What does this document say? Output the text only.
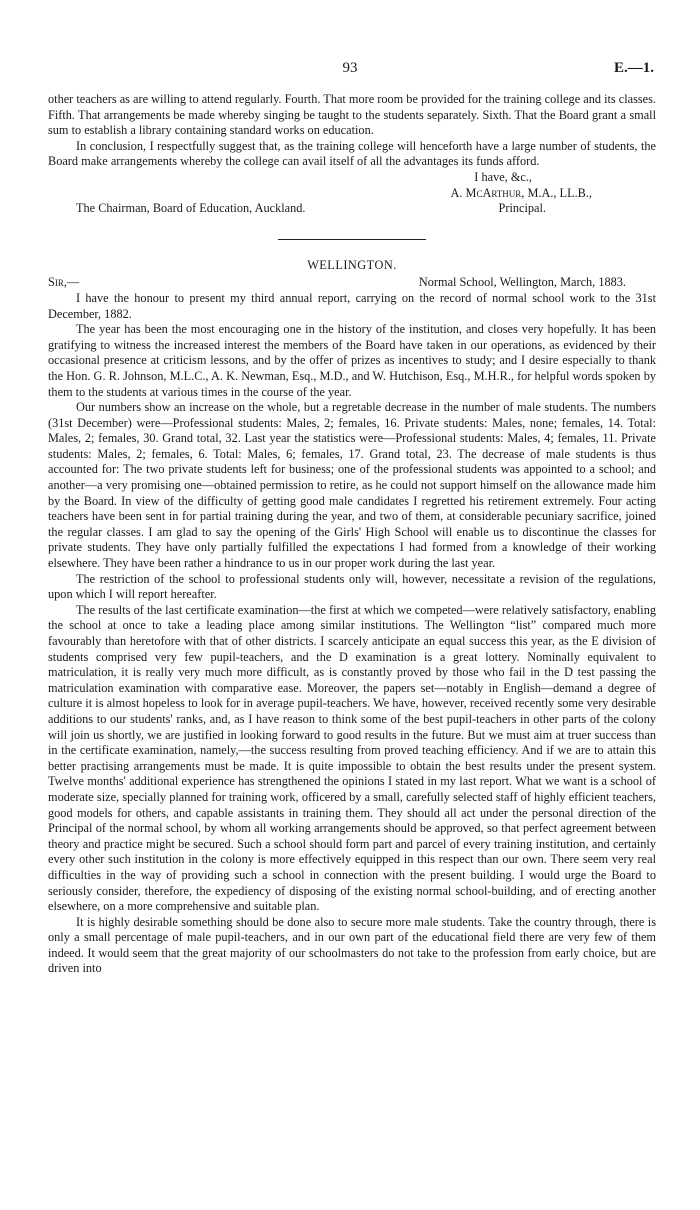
93	E.—1.

other teachers as are willing to attend regularly. Fourth. That more room be provided for the training college and its classes. Fifth. That arrangements be made whereby singing be taught to the students separately. Sixth. That the Board grant a small sum to establish a library containing standard works on education.

In conclusion, I respectfully suggest that, as the training college will henceforth have a large number of students, the Board make arrangements whereby the college can avail itself of all the advantages its funds afford.

I have, &c.,
A. McArthur, M.A., LL.B.,
The Chairman, Board of Education, Auckland.	Principal.
WELLINGTON.
Sir,—	Normal School, Wellington, March, 1883.

I have the honour to present my third annual report, carrying on the record of normal school work to the 31st December, 1882.

The year has been the most encouraging one in the history of the institution, and closes very hopefully. It has been gratifying to witness the increased interest the members of the Board have taken in our operations, as evidenced by their occasional presence at criticism lessons, and by the offer of prizes as incentives to study; and I desire especially to thank the Hon. G. R. Johnson, M.L.C., A. K. Newman, Esq., M.D., and W. Hutchison, Esq., M.H.R., for helpful words spoken by them to the students at various times in the course of the year.

Our numbers show an increase on the whole, but a regretable decrease in the number of male students. The numbers (31st December) were—Professional students: Males, 2; females, 16. Private students: Males, none; females, 14. Total: Males, 2; females, 30. Grand total, 32. Last year the statistics were—Professional students: Males, 4; females, 11. Private students: Males, 2; females, 6. Total: Males, 6; females, 17. Grand total, 23. The decrease of male students is thus accounted for: The two private students left for business; one of the professional students was appointed to a school; and another—a very promising one—obtained permission to retire, as he could not support himself on the allowance made him by the Board. In view of the difficulty of getting good male candidates I regretted his retirement extremely. Four acting teachers have been sent in for partial training during the year, and two of them, at considerable pecuniary sacrifice, joined the regular classes. I am glad to say the opening of the Girls' High School will enable us to discontinue the classes for private students. They have only partially fulfilled the expectations I had formed from a knowledge of their working elsewhere. They have been rather a hindrance to us in our proper work during the last year.

The restriction of the school to professional students only will, however, necessitate a revision of the regulations, upon which I will report hereafter.

The results of the last certificate examination—the first at which we competed—were relatively satisfactory, enabling the school at once to take a leading place among similar institutions. The Wellington “list” compared much more favourably than heretofore with that of other districts. I scarcely anticipate an equal success this year, as the E division of students comprised very few pupil-teachers, and the D examination is a great lottery. Nominally equivalent to matriculation, it is really very much more difficult, as is constantly proved by those who fail in the D test passing the matriculation examination with comparative ease. Moreover, the papers set—notably in English—demand a degree of culture it is almost hopeless to look for in average pupil-teachers. We have, however, received recently some very desirable additions to our students' ranks, and, as I have reason to think some of the best pupil-teachers in other parts of the colony will join us shortly, we are justified in looking forward to good results in the future. But we must aim at truer success than in the certificate examination, namely,—the success resulting from proved teaching efficiency. And if we are to attain this better practising arrangements must be made. It is quite impossible to obtain the best results under the present system. Twelve months' additional experience has strengthened the opinions I stated in my last report. What we want is a school of moderate size, specially planned for training work, officered by a small, carefully selected staff of highly efficient teachers, good models for others, and capable assistants in training them. They should all act under the personal direction of the Principal of the normal school, by whom all working arrangements should be approved, so that perfect agreement between theory and practice might be secured. Such a school should form part and parcel of every training institution, and certainly every other such institution in the colony is more effectively equipped in this respect than our own. There seem very real difficulties in the way of providing such a school in connection with the present building. I would urge the Board to seriously consider, therefore, the expediency of disposing of the existing normal school-building, and of erecting another elsewhere, on a more comprehensive and suitable plan.

It is highly desirable something should be done also to secure more male students. Take the country through, there is only a small percentage of male pupil-teachers, and in our own part of the educational field there are very few of them indeed. It would seem that the great majority of our schoolmasters do not take to the profession from early choice, but are driven into
